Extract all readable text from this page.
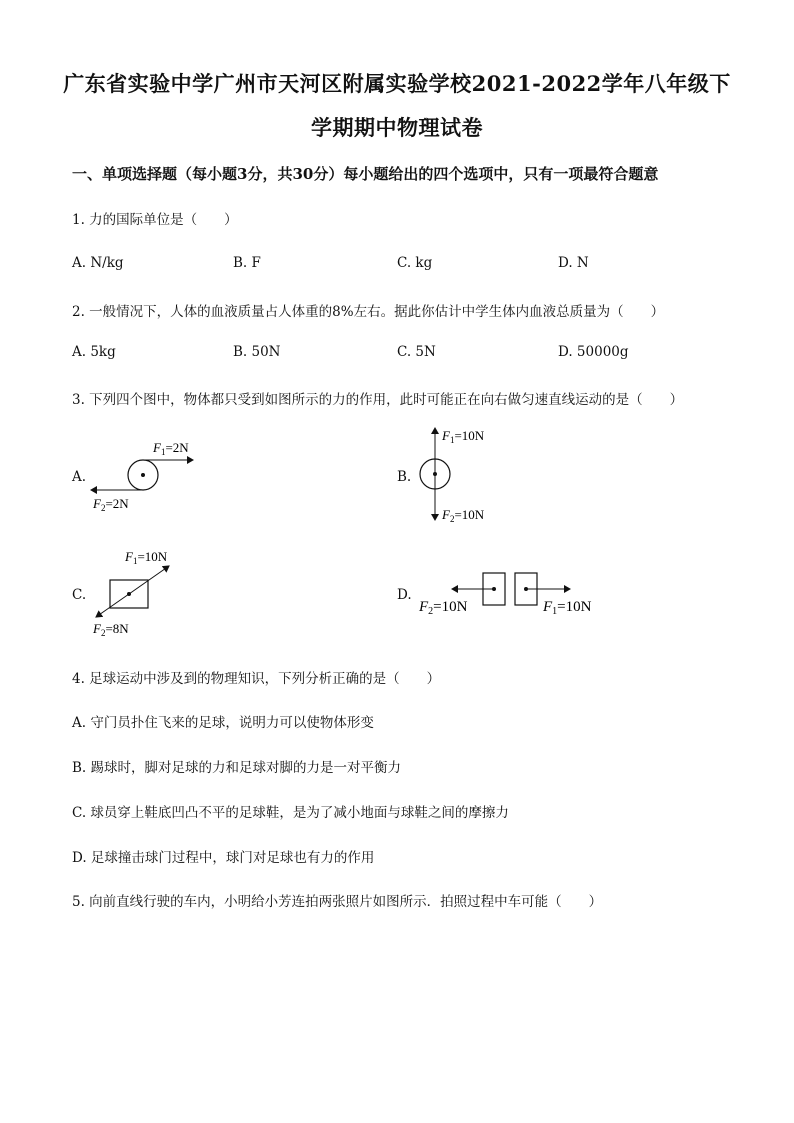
广东省实验中学广州市天河区附属实验学校2021-2022学年八年级下
学期期中物理试卷
一、单项选择题（每小题3分，共30分）每小题给出的四个选项中，只有一项最符合题意
1. 力的国际单位是（　　）
A. N/kg	B. F	C. kg	D. N
2. 一般情况下，人体的血液质量占人体重的8%左右。据此你估计中学生体内血液总质量为（　　）
A. 5kg	B. 50N	C. 5N	D. 50000g
3. 下列四个图中，物体都只受到如图所示的力的作用，此时可能正在向右做匀速直线运动的是（　　）
A.	B.
C.	D.
$F_1=2N$
$F_2=2N$
$F_1=10N$
$F_2=10N$
$F_1=10N$
$F_2=8N$
$F_2=10N$	$F_1=10N$
4. 足球运动中涉及到的物理知识，下列分析正确的是（　　）
A. 守门员扑住飞来的足球，说明力可以使物体形变
B. 踢球时，脚对足球的力和足球对脚的力是一对平衡力
C. 球员穿上鞋底凹凸不平的足球鞋，是为了减小地面与球鞋之间的摩擦力
D. 足球撞击球门过程中，球门对足球也有力的作用
5. 向前直线行驶的车内，小明给小芳连拍两张照片如图所示．拍照过程中车可能（　　）
